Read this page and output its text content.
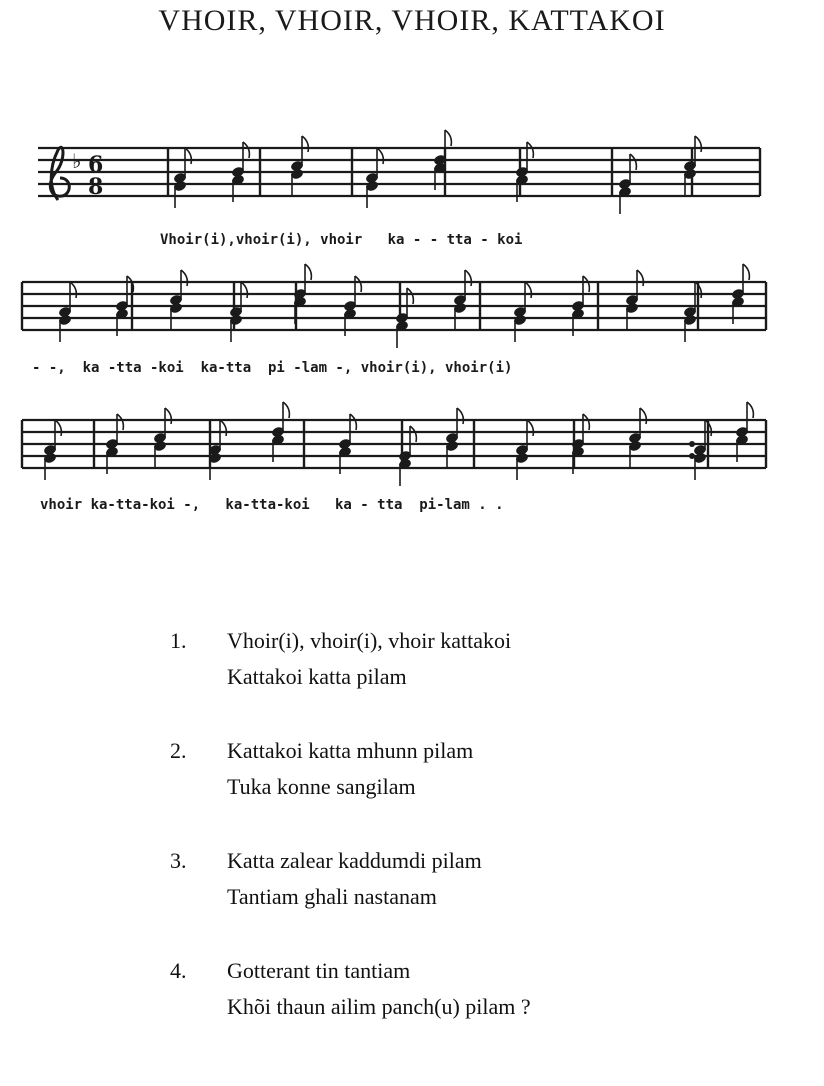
VHOIR, VHOIR, VHOIR, KATTAKOI
6
8
♭
Vhoir(i),vhoir(i), vhoir   ka - - tta - koi
- -,  ka -tta -koi  ka-tta  pi -lam -, vhoir(i), vhoir(i)
vhoir ka-tta-koi -,   ka-tta-koi   ka - tta  pi-lam . .
1.	Vhoir(i), vhoir(i), vhoir kattakoi
Kattakoi katta pilam
2.	Kattakoi katta mhunn pilam
Tuka konne sangilam
3.	Katta zalear kaddumdi pilam
Tantiam ghali nastanam
4.	Gotterant tin tantiam
Khõi thaun ailim panch(u) pilam ?
